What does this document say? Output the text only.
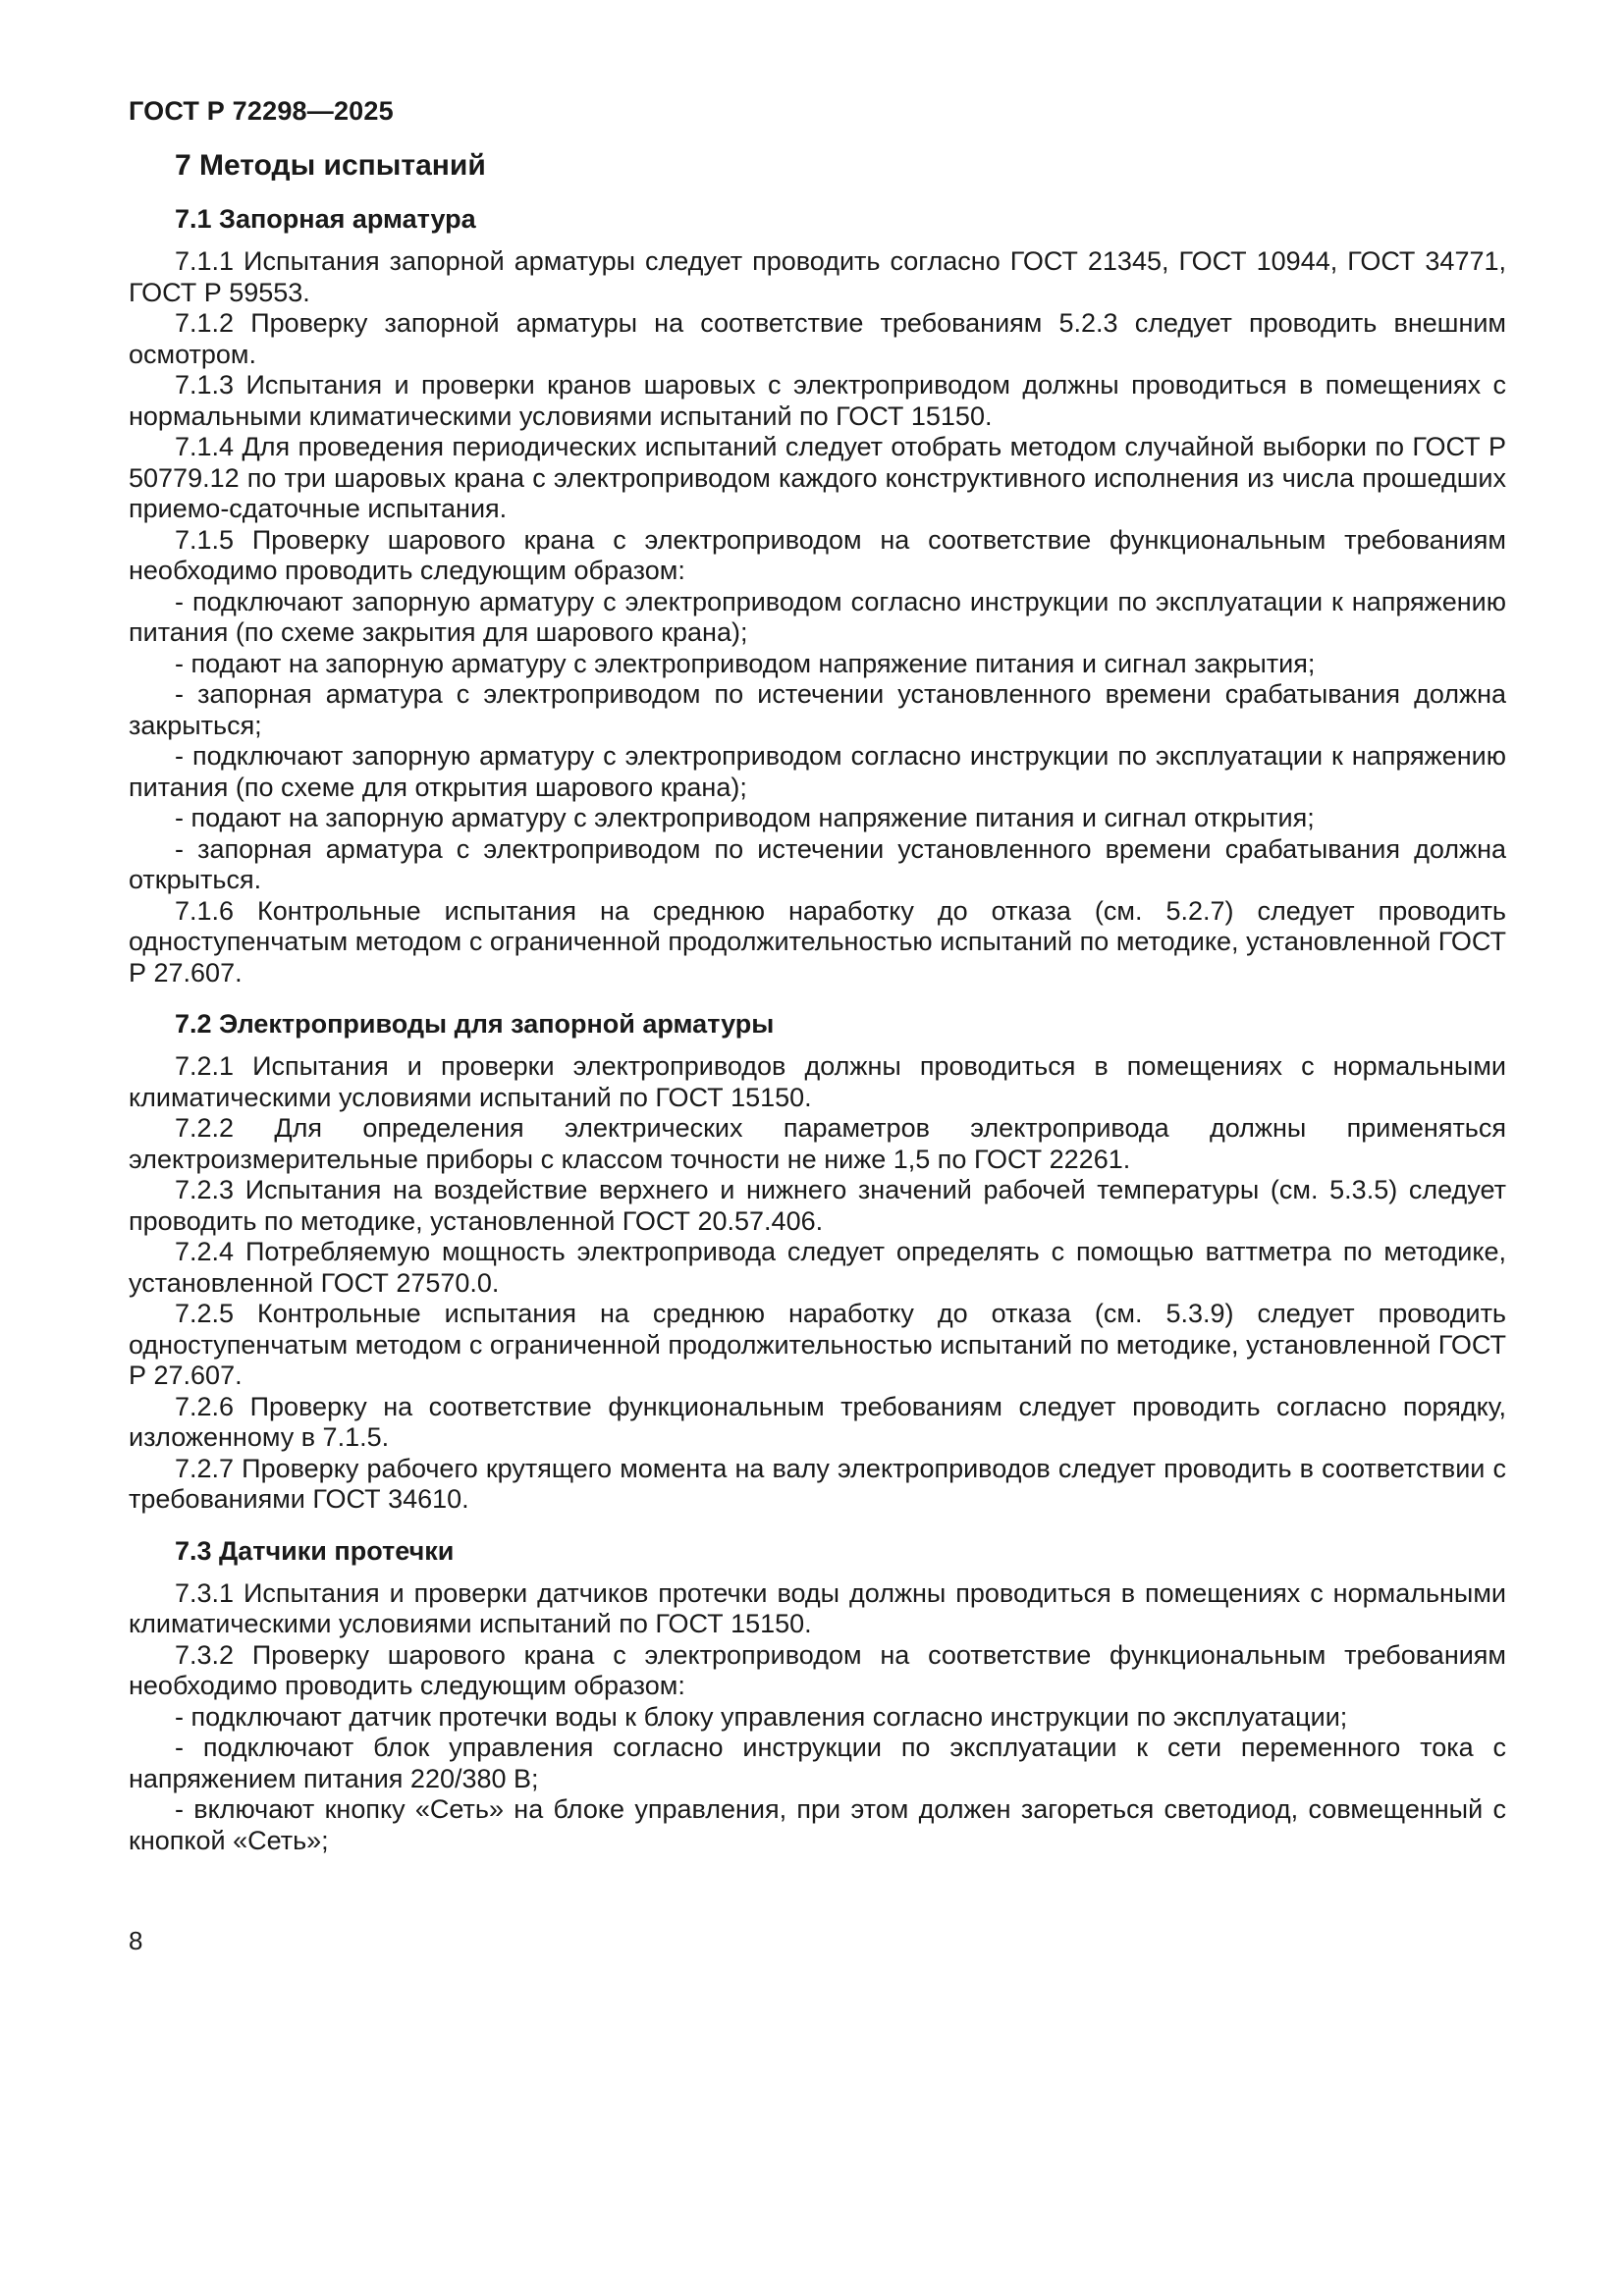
ГОСТ Р 72298—2025
7 Методы испытаний
7.1 Запорная арматура
7.1.1 Испытания запорной арматуры следует проводить согласно ГОСТ 21345, ГОСТ 10944, ГОСТ 34771, ГОСТ Р 59553.
7.1.2 Проверку запорной арматуры на соответствие требованиям 5.2.3 следует проводить внешним осмотром.
7.1.3 Испытания и проверки кранов шаровых с электроприводом должны проводиться в помещениях с нормальными климатическими условиями испытаний по ГОСТ 15150.
7.1.4 Для проведения периодических испытаний следует отобрать методом случайной выборки по ГОСТ Р 50779.12 по три шаровых крана с электроприводом каждого конструктивного исполнения из числа прошедших приемо-сдаточные испытания.
7.1.5 Проверку шарового крана с электроприводом на соответствие функциональным требованиям необходимо проводить следующим образом:
- подключают запорную арматуру с электроприводом согласно инструкции по эксплуатации к напряжению питания (по схеме закрытия для шарового крана);
- подают на запорную арматуру с электроприводом напряжение питания и сигнал закрытия;
- запорная арматура с электроприводом по истечении установленного времени срабатывания должна закрыться;
- подключают запорную арматуру с электроприводом согласно инструкции по эксплуатации к напряжению питания (по схеме для открытия шарового крана);
- подают на запорную арматуру с электроприводом напряжение питания и сигнал открытия;
- запорная арматура с электроприводом по истечении установленного времени срабатывания должна открыться.
7.1.6 Контрольные испытания на среднюю наработку до отказа (см. 5.2.7) следует проводить одноступенчатым методом с ограниченной продолжительностью испытаний по методике, установленной ГОСТ Р 27.607.
7.2 Электроприводы для запорной арматуры
7.2.1 Испытания и проверки электроприводов должны проводиться в помещениях с нормальными климатическими условиями испытаний по ГОСТ 15150.
7.2.2 Для определения электрических параметров электропривода должны применяться электроизмерительные приборы с классом точности не ниже 1,5 по ГОСТ 22261.
7.2.3 Испытания на воздействие верхнего и нижнего значений рабочей температуры (см. 5.3.5) следует проводить по методике, установленной ГОСТ 20.57.406.
7.2.4 Потребляемую мощность электропривода следует определять с помощью ваттметра по методике, установленной ГОСТ 27570.0.
7.2.5 Контрольные испытания на среднюю наработку до отказа (см. 5.3.9) следует проводить одноступенчатым методом с ограниченной продолжительностью испытаний по методике, установленной ГОСТ Р 27.607.
7.2.6 Проверку на соответствие функциональным требованиям следует проводить согласно порядку, изложенному в 7.1.5.
7.2.7 Проверку рабочего крутящего момента на валу электроприводов следует проводить в соответствии с требованиями ГОСТ 34610.
7.3 Датчики протечки
7.3.1 Испытания и проверки датчиков протечки воды должны проводиться в помещениях с нормальными климатическими условиями испытаний по ГОСТ 15150.
7.3.2 Проверку шарового крана с электроприводом на соответствие функциональным требованиям необходимо проводить следующим образом:
- подключают датчик протечки воды к блоку управления согласно инструкции по эксплуатации;
- подключают блок управления согласно инструкции по эксплуатации к сети переменного тока с напряжением питания 220/380 В;
- включают кнопку «Сеть» на блоке управления, при этом должен загореться светодиод, совмещенный с кнопкой «Сеть»;
8
